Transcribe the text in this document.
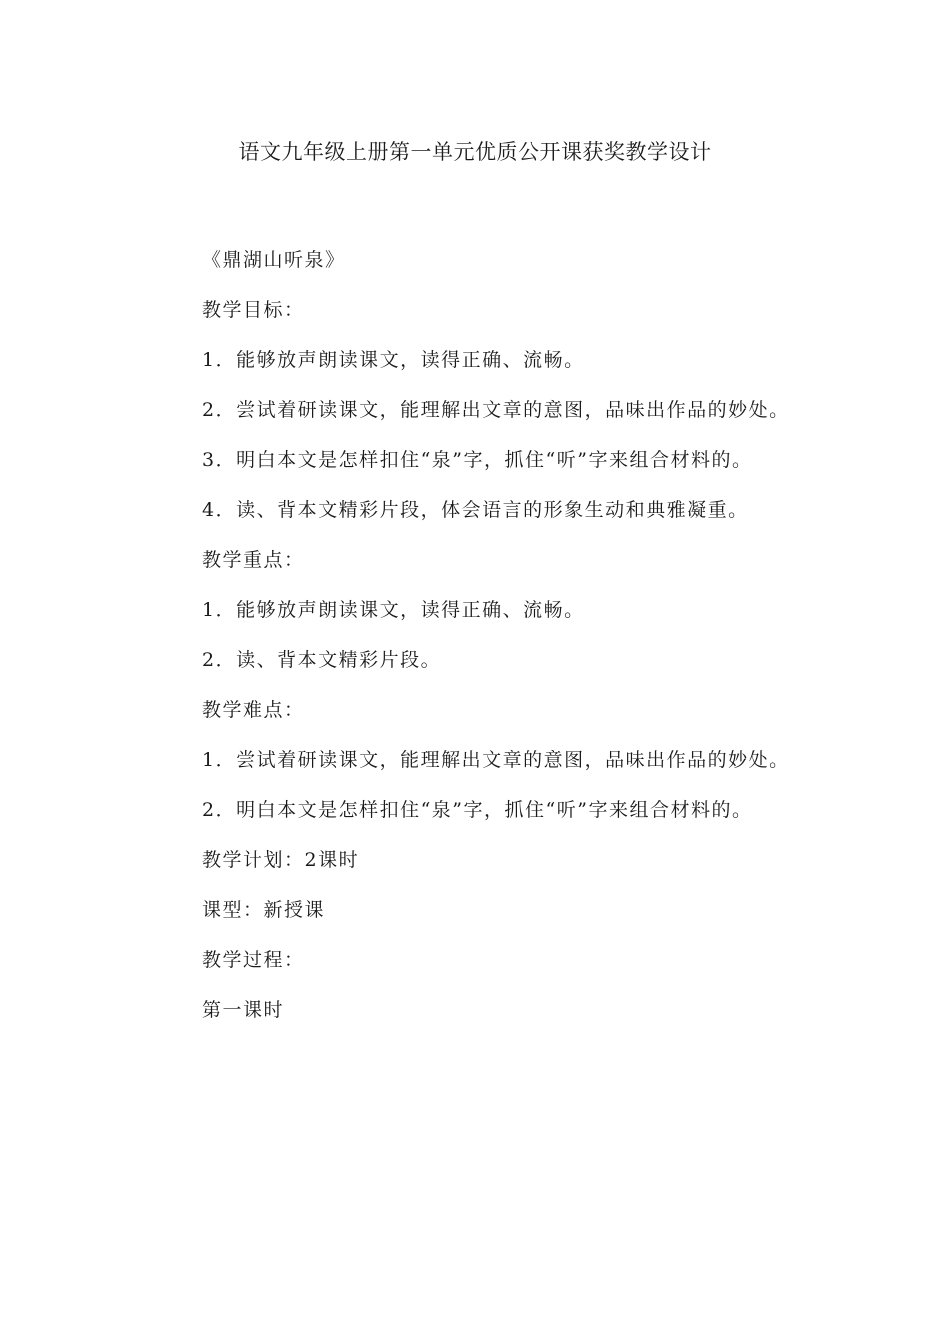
语文九年级上册第一单元优质公开课获奖教学设计

《鼎湖山听泉》

教学目标：

1．能够放声朗读课文，读得正确、流畅。

2．尝试着研读课文，能理解出文章的意图，品味出作品的妙处。

3．明白本文是怎样扣住“泉”字，抓住“听”字来组合材料的。

4．读、背本文精彩片段，体会语言的形象生动和典雅凝重。

教学重点：

1．能够放声朗读课文，读得正确、流畅。

2．读、背本文精彩片段。

教学难点：

1．尝试着研读课文，能理解出文章的意图，品味出作品的妙处。

2．明白本文是怎样扣住“泉”字，抓住“听”字来组合材料的。

教学计划：2课时

课型：新授课

教学过程：

第一课时
